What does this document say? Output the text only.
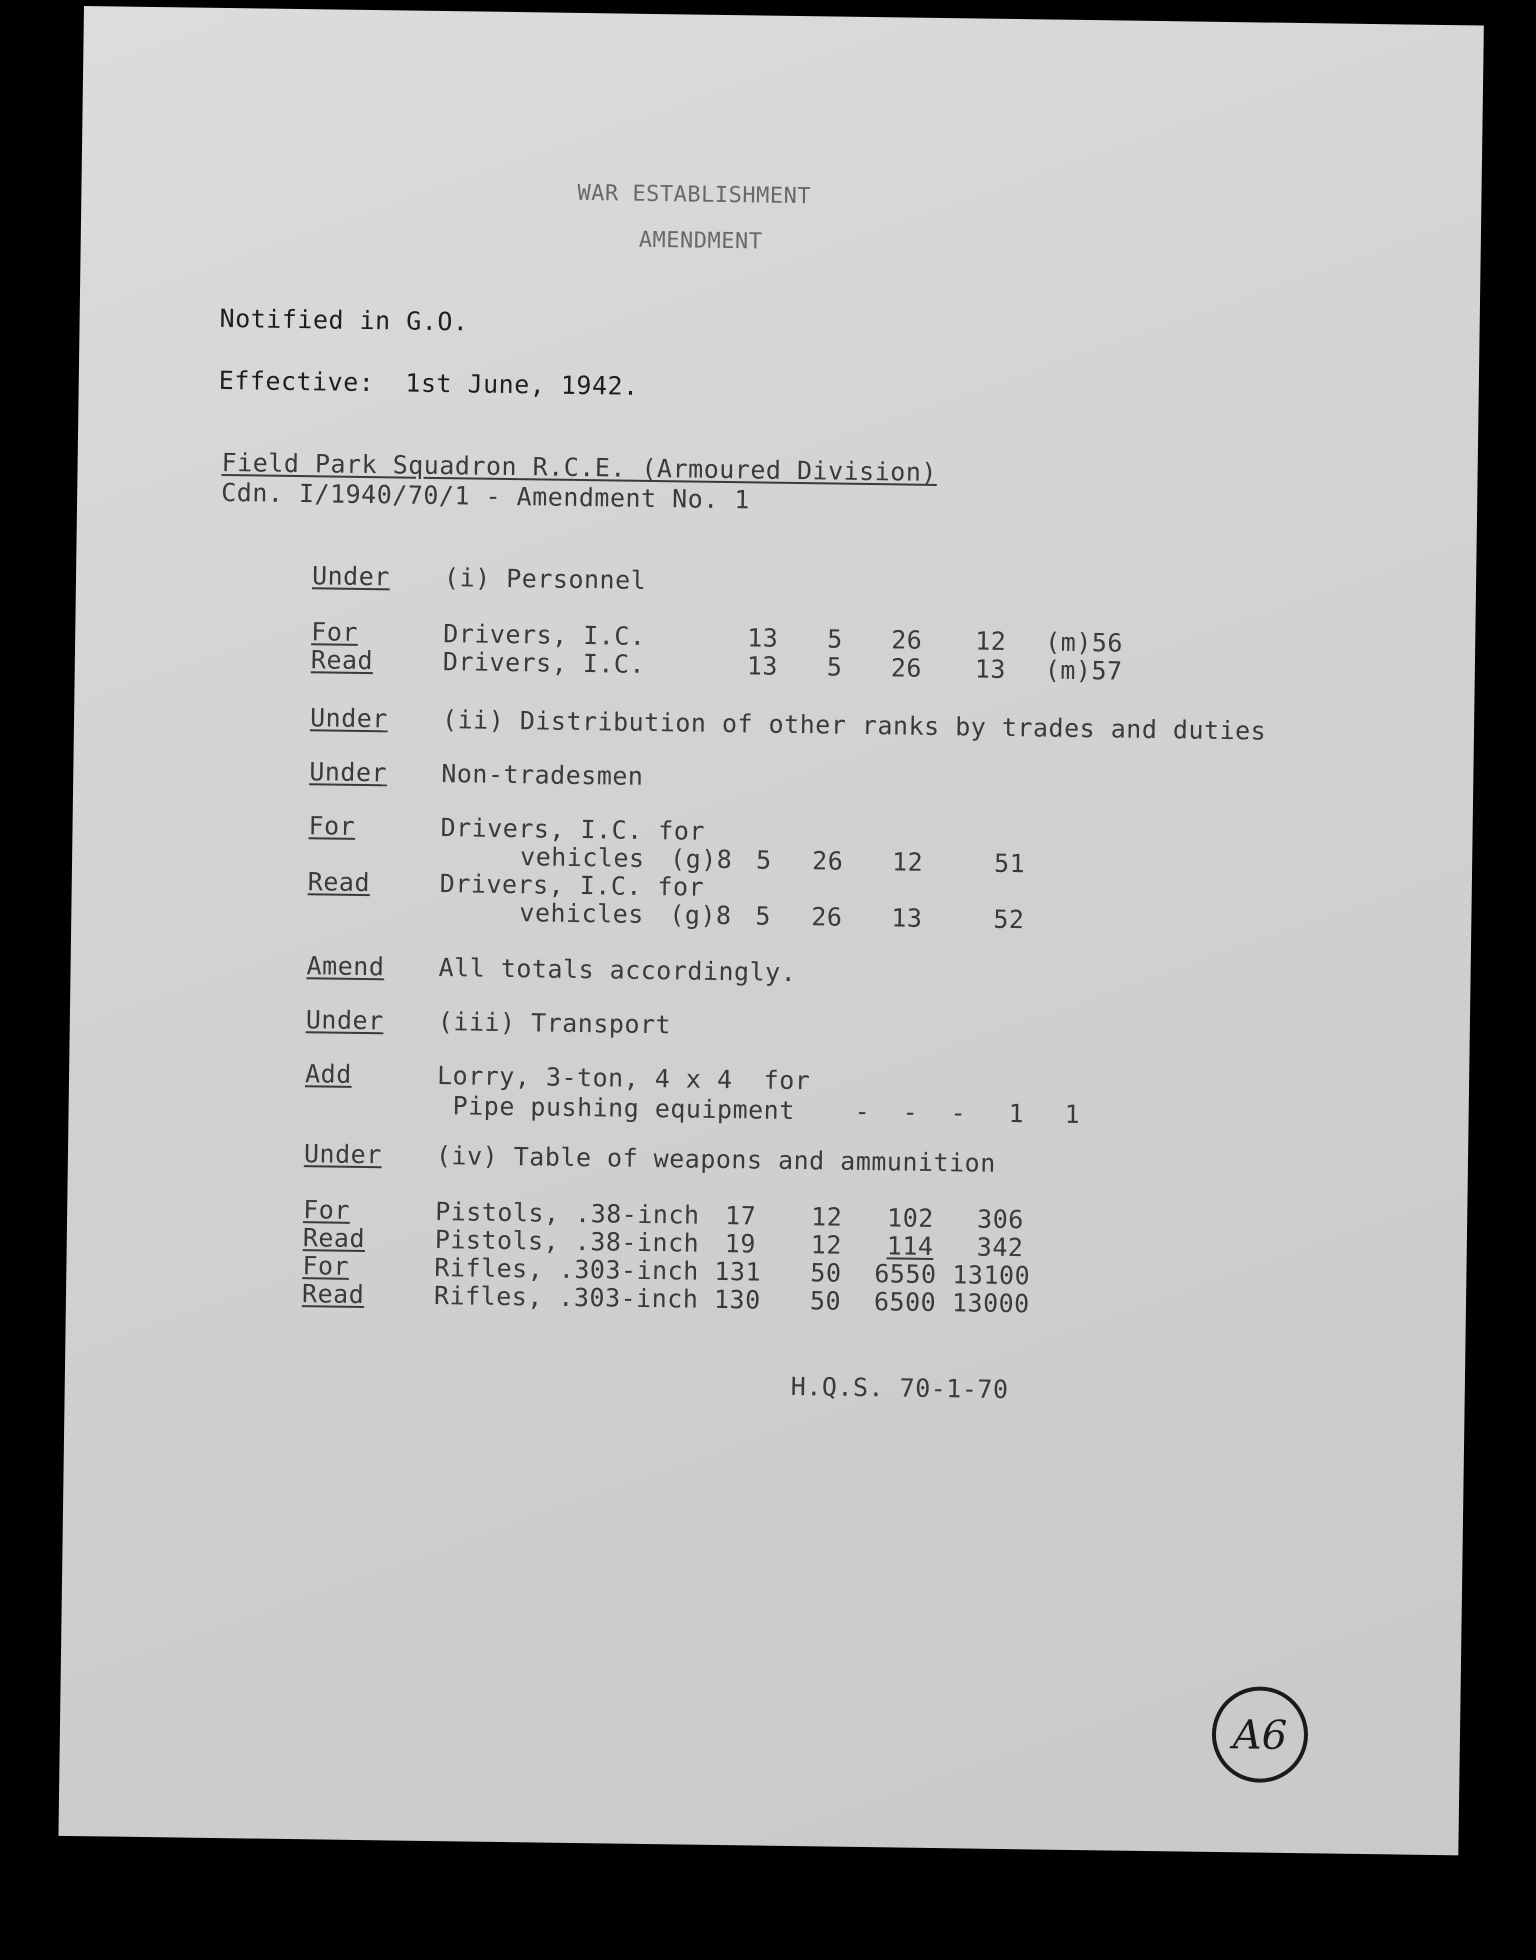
WAR ESTABLISHMENT
AMENDMENT
Notified in G.O.
Effective:  1st June, 1942.
Field Park Squadron R.C.E. (Armoured Division)
Cdn. I/1940/70/1 - Amendment No. 1
Under (i) Personnel
For	Drivers, I.C.	13 5 26 12 (m)56
Read	Drivers, I.C.	13 5 26 13 (m)57
Under (ii) Distribution of other ranks by trades and duties
Under Non-tradesmen
For	Drivers, I.C. for
vehicles (g)8 5 26 12	51
Read	Drivers, I.C. for
vehicles (g)8 5 26 13	52
Amend All totals accordingly.
Under (iii) Transport
Add	Lorry, 3-ton, 4 x 4  for
Pipe pushing equipment - - - 1 1
Under (iv) Table of weapons and ammunition
For	Pistols, .38-inch 17 12 102 306
Read	Pistols, .38-inch 19 12 114 342
For	Rifles, .303-inch 131 50 6550 13100
Read	Rifles, .303-inch 130 50 6500 13000
H.Q.S. 70-1-70
A6
